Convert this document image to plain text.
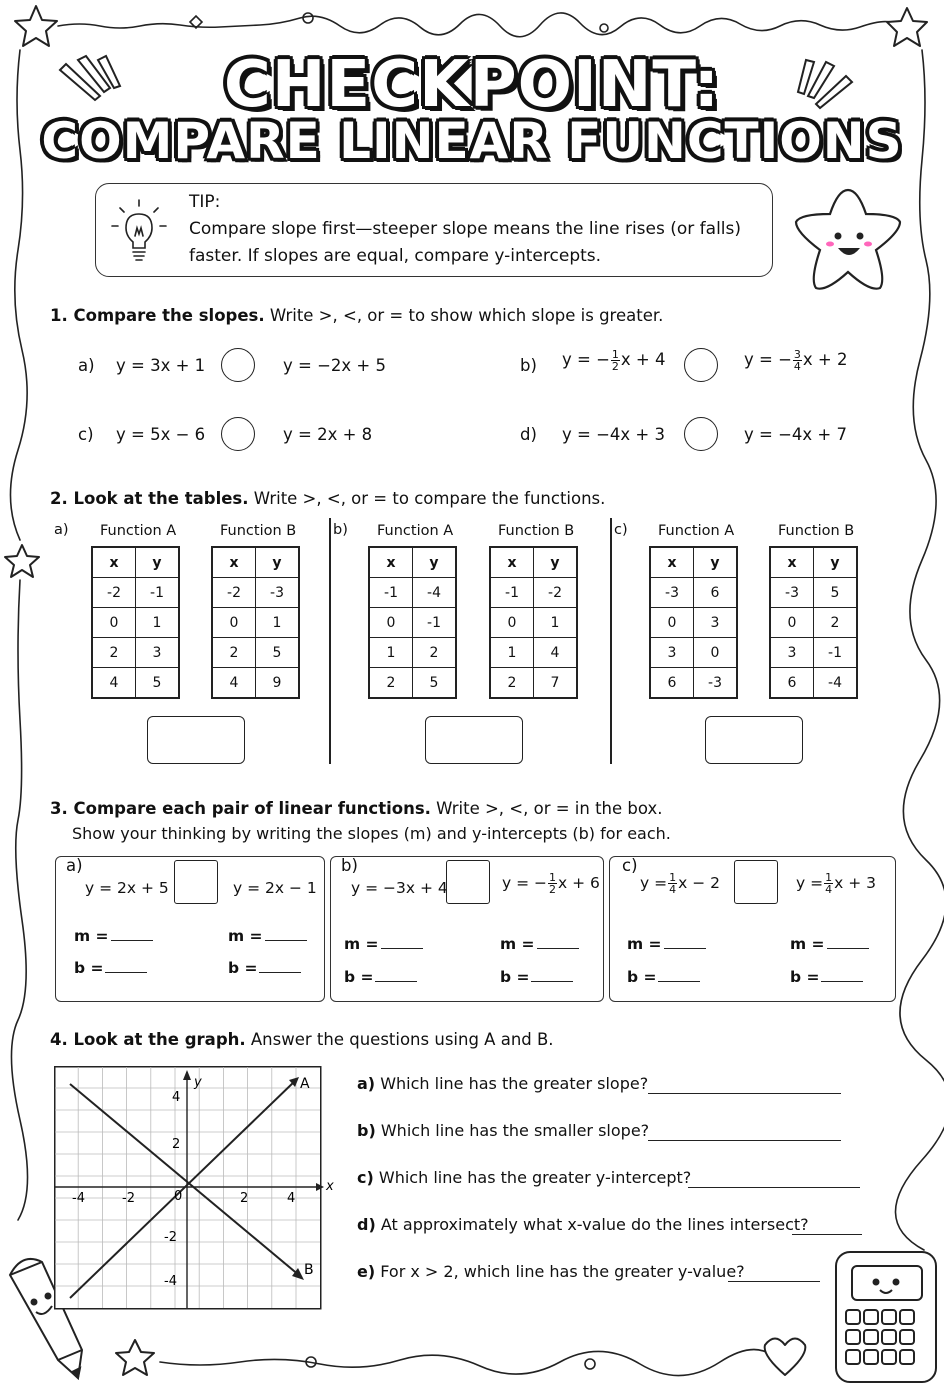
CHECKPOINT:
COMPARE LINEAR FUNCTIONS
TIP:
Compare slope first—steeper slope means the line rises (or falls)
faster. If slopes are equal, compare y-intercepts.
1. Compare the slopes. Write >, <, or = to show which slope is greater.
a) y = 3x + 1	y = −2x + 5	b) y = − $\frac{1}{2}$ x + 4	y = − $\frac{3}{4}$ x + 2
c) y = 5x − 6	y = 2x + 8	d) y = −4x + 3	y = −4x + 7
2. Look at the tables. Write >, <, or = to compare the functions.
a) Function A
x	y
-2	-1
0	1
2	3
4	5
Function B
x	y
-2	-3
0	1
2	5
4	9
b) Function A
x	y
-1	-4
0	-1
1	2
2	5
Function B
x	y
-1	-2
0	1
1	4
2	7
c) Function A
x	y
-3	6
0	3
3	0
6	-3
Function B
x	y
-3	5
0	2
3	-1
6	-4
3. Compare each pair of linear functions. Write >, <, or = in the box.
Show your thinking by writing the slopes (m) and y-intercepts (b) for each.
a)
y = 2x + 5	y = 2x − 1
m =
b =
m =
b =
b)
y = −3x + 4	y = − $\frac{1}{2}$ x + 6
m =
b =
m =
b =
c)
$y = \frac{1}{4}$ x − 2	$y = \frac{1}{4}$ x + 3
m =
b =
m =
b =
4. Look at the graph. Answer the questions using A and B.
y
x
A
B
-4	-2	0	2	4
4
2
-2
-4
a) Which line has the greater slope?
b) Which line has the smaller slope?
c) Which line has the greater y-intercept?
d) At approximately what x-value do the lines intersect?
e) For x > 2, which line has the greater y-value?
